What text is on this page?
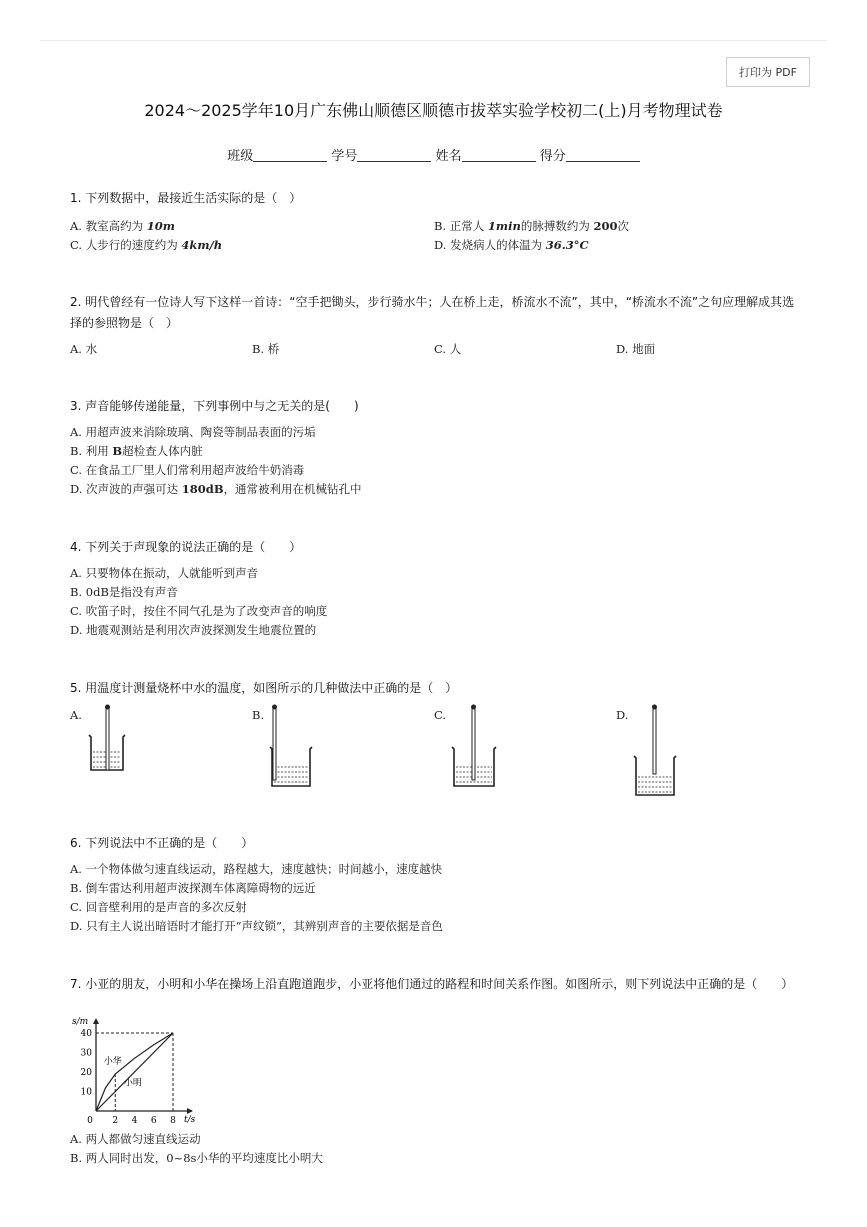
打印为 PDF
2024～2025学年10月广东佛山顺德区顺德市拔萃实验学校初二(上)月考物理试卷
班级	学号	姓名	得分
1. 下列数据中，最接近生活实际的是（　）
A. 教室高约为 10m	B. 正常人 1min的脉搏数约为 200次
C. 人步行的速度约为 4km/h	D. 发烧病人的体温为 36.3°C
2. 明代曾经有一位诗人写下这样一首诗：“空手把锄头，步行骑水牛；人在桥上走，桥流水不流”，其中，“桥流水不流”之句应理解成其选择的参照物是（　）
A. 水	B. 桥	C. 人	D. 地面
3. 声音能够传递能量，下列事例中与之无关的是(　　)
A. 用超声波来消除玻璃、陶瓷等制品表面的污垢
B. 利用 B超检查人体内脏
C. 在食品工厂里人们常利用超声波给牛奶消毒
D. 次声波的声强可达 180dB，通常被利用在机械钻孔中
4. 下列关于声现象的说法正确的是（　　）
A. 只要物体在振动，人就能听到声音
B. 0dB是指没有声音
C. 吹笛子时，按住不同气孔是为了改变声音的响度
D. 地震观测站是利用次声波探测发生地震位置的
5. 用温度计测量烧杯中水的温度，如图所示的几种做法中正确的是（　）
A.	B.	C.	D.
6. 下列说法中不正确的是（　　）
A. 一个物体做匀速直线运动，路程越大，速度越快；时间越小，速度越快
B. 倒车雷达利用超声波探测车体离障碍物的远近
C. 回音壁利用的是声音的多次反射
D. 只有主人说出暗语时才能打开“声纹锁”，其辨别声音的主要依据是音色
7. 小亚的朋友，小明和小华在操场上沿直跑道跑步，小亚将他们通过的路程和时间关系作图。如图所示，则下列说法中正确的是（　　）
s/m
t/s
10
20
30
40
0 2 4 6 8
小华
小明
A. 两人都做匀速直线运动
B. 两人同时出发，0~8s小华的平均速度比小明大
